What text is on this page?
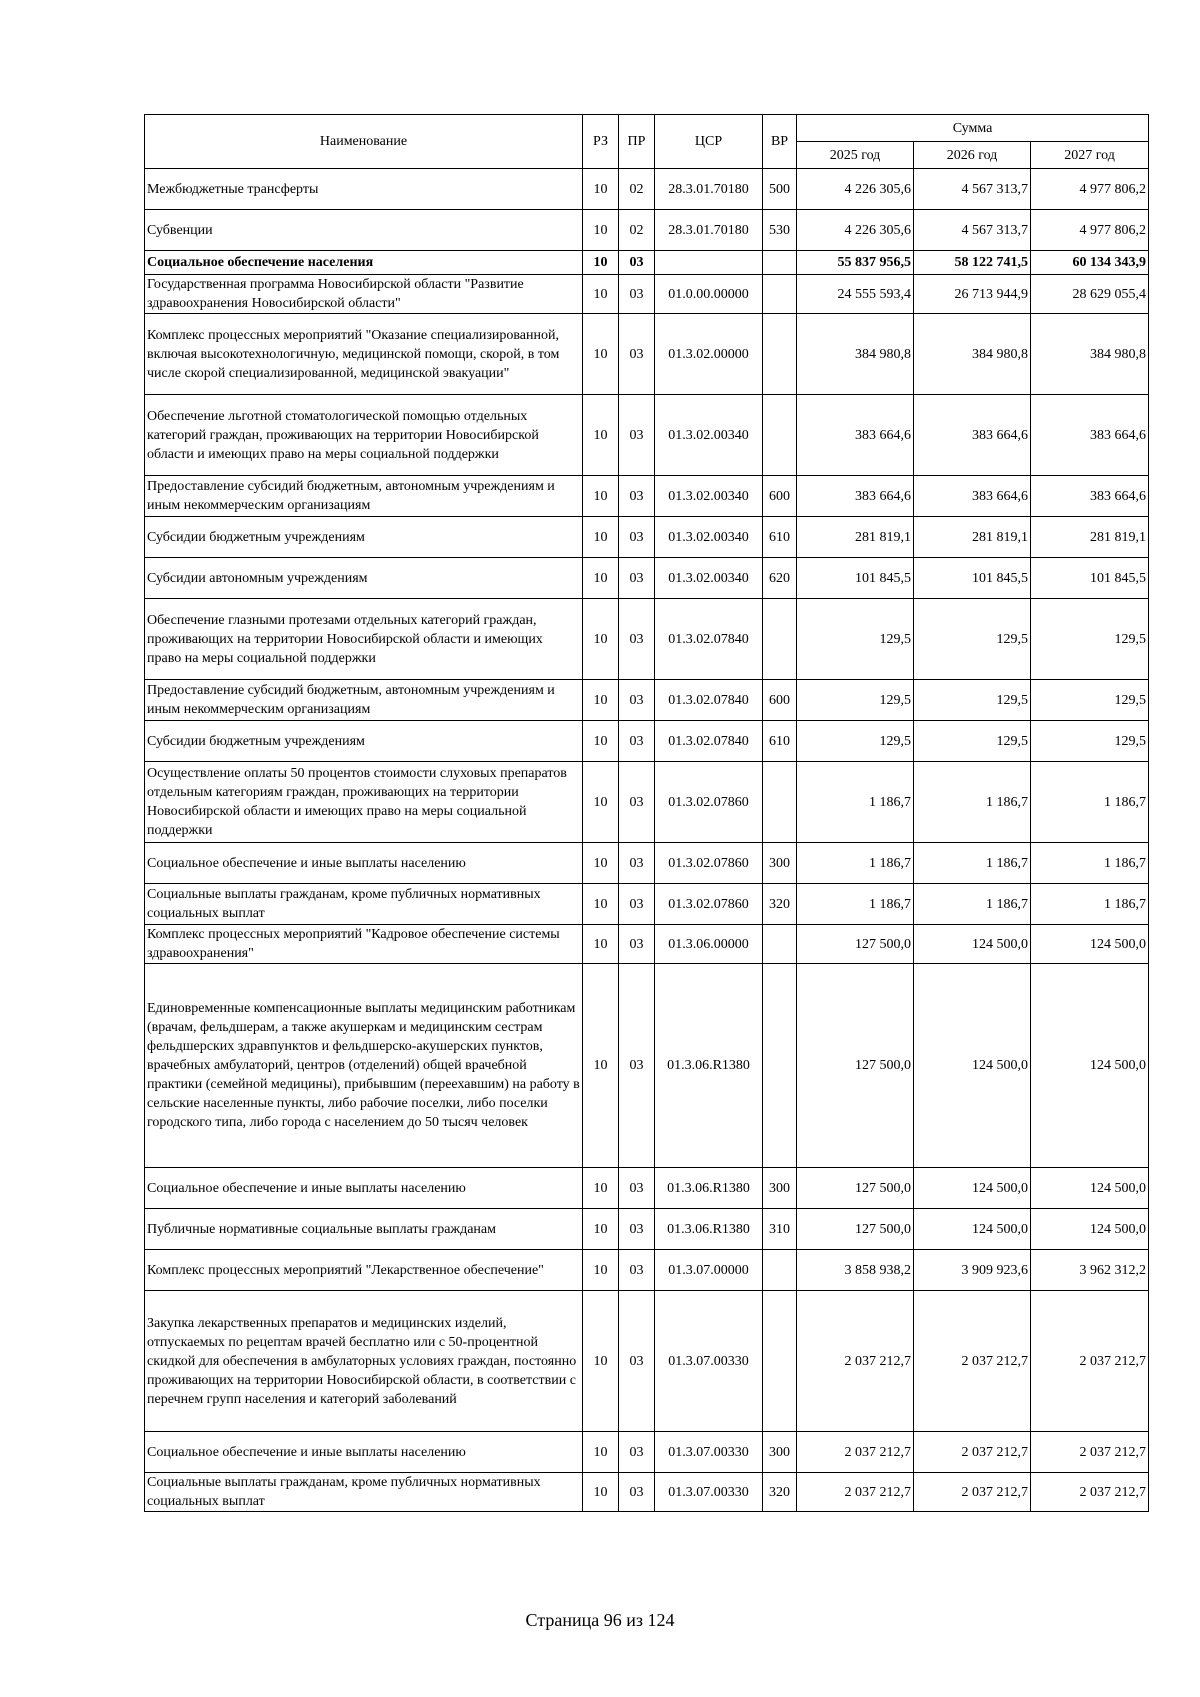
Наименование	РЗ	ПР	ЦСР	ВР	Сумма		
					2025 год	2026 год	2027 год
Межбюджетные трансферты	10	02	28.3.01.70180	500	4 226 305,6	4 567 313,7	4 977 806,2
Субвенции	10	02	28.3.01.70180	530	4 226 305,6	4 567 313,7	4 977 806,2
Социальное обеспечение населения	10	03			55 837 956,5	58 122 741,5	60 134 343,9
Государственная программа Новосибирской области "Развитие здравоохранения Новосибирской области"	10	03	01.0.00.00000		24 555 593,4	26 713 944,9	28 629 055,4
Комплекс процессных мероприятий "Оказание специализированной, включая высокотехнологичную, медицинской помощи, скорой, в том числе скорой специализированной, медицинской эвакуации"	10	03	01.3.02.00000		384 980,8	384 980,8	384 980,8
Обеспечение льготной стоматологической помощью отдельных категорий граждан, проживающих на территории Новосибирской области и имеющих право на меры социальной поддержки	10	03	01.3.02.00340		383 664,6	383 664,6	383 664,6
Предоставление субсидий бюджетным, автономным учреждениям и иным некоммерческим организациям	10	03	01.3.02.00340	600	383 664,6	383 664,6	383 664,6
Субсидии бюджетным учреждениям	10	03	01.3.02.00340	610	281 819,1	281 819,1	281 819,1
Субсидии автономным учреждениям	10	03	01.3.02.00340	620	101 845,5	101 845,5	101 845,5
Обеспечение глазными протезами отдельных категорий граждан, проживающих на территории Новосибирской области и имеющих право на меры социальной поддержки	10	03	01.3.02.07840		129,5	129,5	129,5
Предоставление субсидий бюджетным, автономным учреждениям и иным некоммерческим организациям	10	03	01.3.02.07840	600	129,5	129,5	129,5
Субсидии бюджетным учреждениям	10	03	01.3.02.07840	610	129,5	129,5	129,5
Осуществление оплаты 50 процентов стоимости слуховых препаратов отдельным категориям граждан, проживающих на территории Новосибирской области и имеющих право на меры социальной поддержки	10	03	01.3.02.07860		1 186,7	1 186,7	1 186,7
Социальное обеспечение и иные выплаты населению	10	03	01.3.02.07860	300	1 186,7	1 186,7	1 186,7
Социальные выплаты гражданам, кроме публичных нормативных социальных выплат	10	03	01.3.02.07860	320	1 186,7	1 186,7	1 186,7
Комплекс процессных мероприятий "Кадровое обеспечение системы здравоохранения"	10	03	01.3.06.00000		127 500,0	124 500,0	124 500,0
Единовременные компенсационные выплаты медицинским работникам (врачам, фельдшерам, а также акушеркам и медицинским сестрам фельдшерских здравпунктов и фельдшерско-акушерских пунктов, врачебных амбулаторий, центров (отделений) общей врачебной практики (семейной медицины), прибывшим (переехавшим) на работу в сельские населенные пункты, либо рабочие поселки, либо поселки городского типа, либо города с населением до 50 тысяч человек	10	03	01.3.06.R1380		127 500,0	124 500,0	124 500,0
Социальное обеспечение и иные выплаты населению	10	03	01.3.06.R1380	300	127 500,0	124 500,0	124 500,0
Публичные нормативные социальные выплаты гражданам	10	03	01.3.06.R1380	310	127 500,0	124 500,0	124 500,0
Комплекс процессных мероприятий "Лекарственное обеспечение"	10	03	01.3.07.00000		3 858 938,2	3 909 923,6	3 962 312,2
Закупка лекарственных препаратов и медицинских изделий, отпускаемых по рецептам врачей бесплатно или с 50-процентной скидкой для обеспечения в амбулаторных условиях граждан, постоянно проживающих на территории Новосибирской области, в соответствии с перечнем групп населения и категорий заболеваний	10	03	01.3.07.00330		2 037 212,7	2 037 212,7	2 037 212,7
Социальное обеспечение и иные выплаты населению	10	03	01.3.07.00330	300	2 037 212,7	2 037 212,7	2 037 212,7
Социальные выплаты гражданам, кроме публичных нормативных социальных выплат	10	03	01.3.07.00330	320	2 037 212,7	2 037 212,7	2 037 212,7
Страница 96 из 124
